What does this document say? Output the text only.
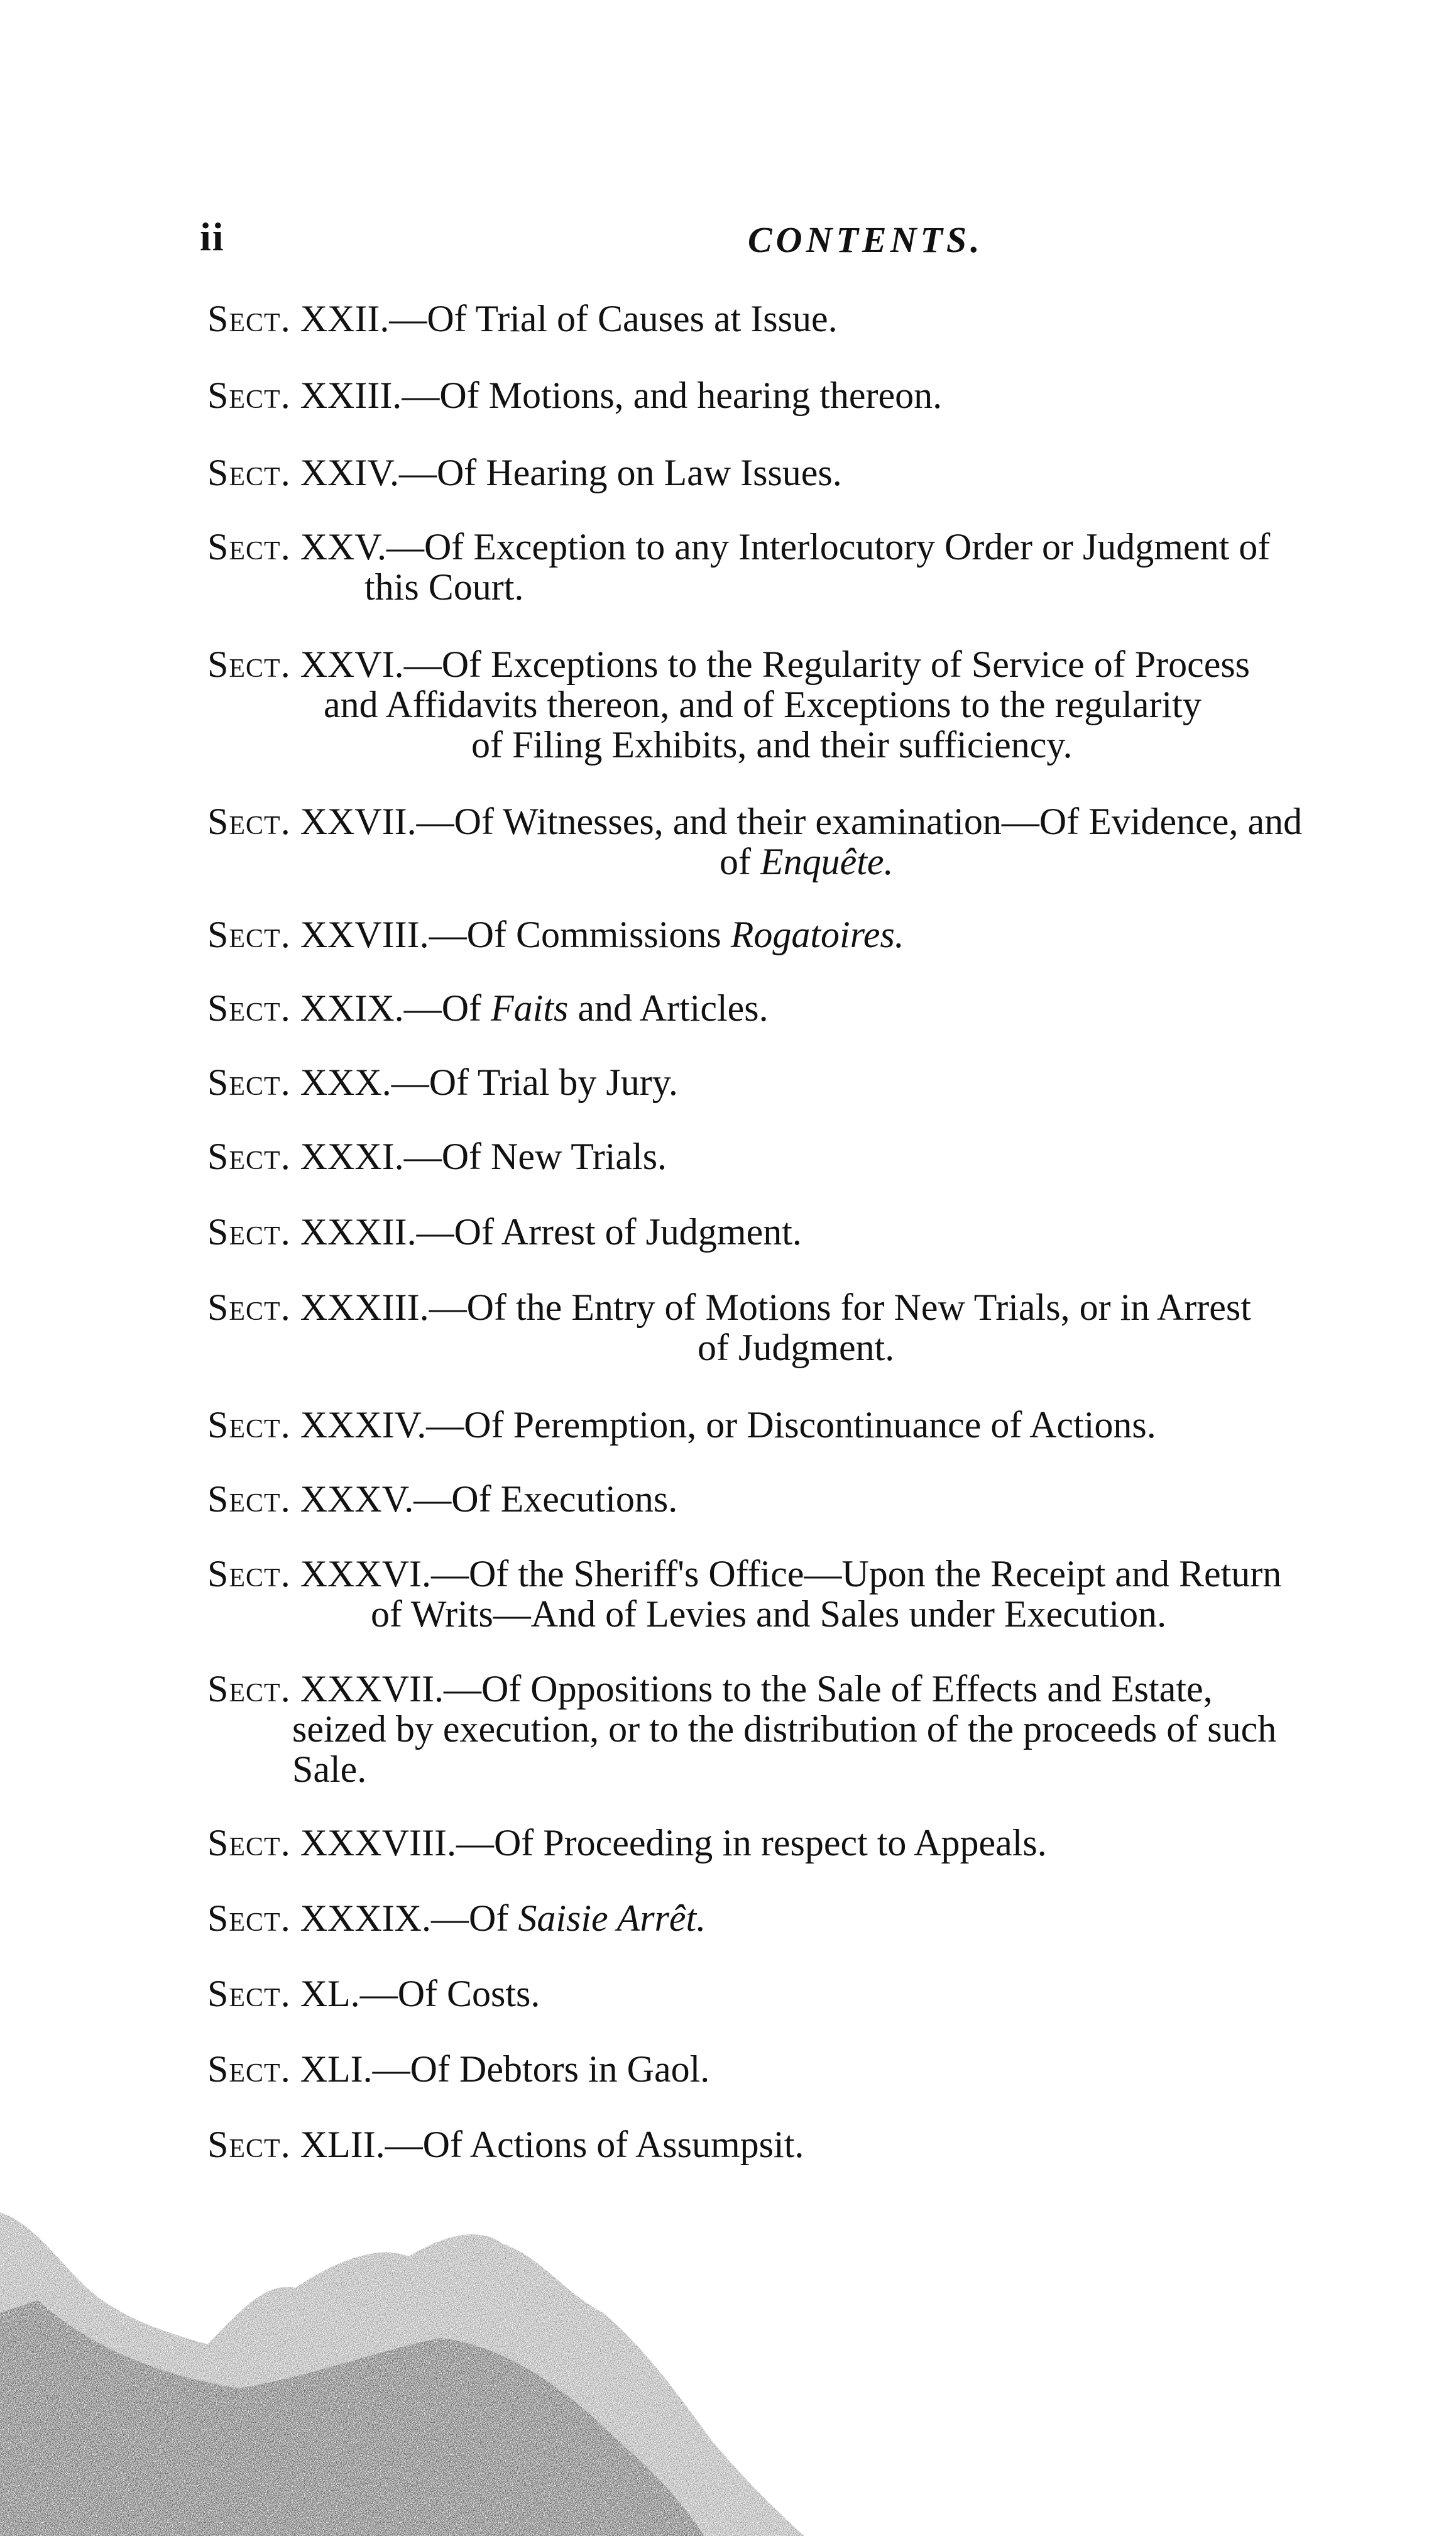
ii	CONTENTS.
Sect. XXII.—Of Trial of Causes at Issue.
Sect. XXIII.—Of Motions, and hearing thereon.
Sect. XXIV.—Of Hearing on Law Issues.
Sect. XXV.—Of Exception to any Interlocutory Order or Judgment of
this Court.
Sect. XXVI.—Of Exceptions to the Regularity of Service of Process
and Affidavits thereon, and of Exceptions to the regularity
of Filing Exhibits, and their sufficiency.
Sect. XXVII.—Of Witnesses, and their examination—Of Evidence, and
of Enquête.
Sect. XXVIII.—Of Commissions Rogatoires.
Sect. XXIX.—Of Faits and Articles.
Sect. XXX.—Of Trial by Jury.
Sect. XXXI.—Of New Trials.
Sect. XXXII.—Of Arrest of Judgment.
Sect. XXXIII.—Of the Entry of Motions for New Trials, or in Arrest
of Judgment.
Sect. XXXIV.—Of Peremption, or Discontinuance of Actions.
Sect. XXXV.—Of Executions.
Sect. XXXVI.—Of the Sheriff's Office—Upon the Receipt and Return
of Writs—And of Levies and Sales under Execution.
Sect. XXXVII.—Of Oppositions to the Sale of Effects and Estate,
seized by execution, or to the distribution of the proceeds of such
Sale.
Sect. XXXVIII.—Of Proceeding in respect to Appeals.
Sect. XXXIX.—Of Saisie Arrêt.
Sect. XL.—Of Costs.
Sect. XLI.—Of Debtors in Gaol.
Sect. XLII.—Of Actions of Assumpsit.
